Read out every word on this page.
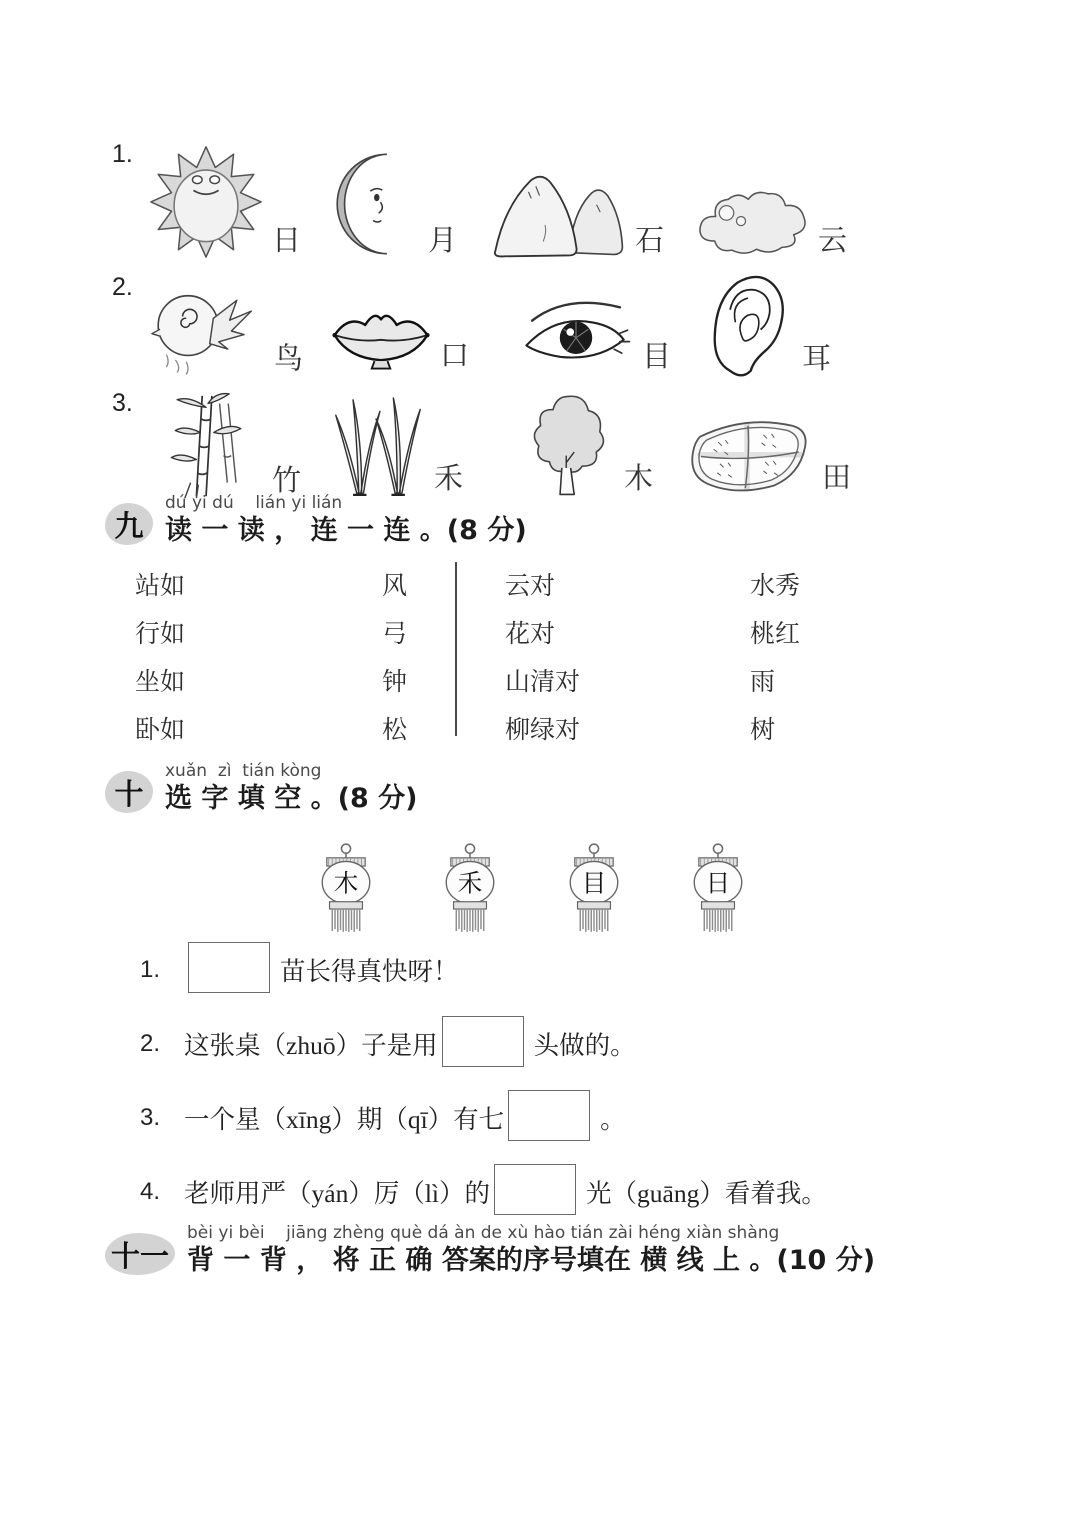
1.
2.
3.
日	月	石	云
鸟	口	目	耳
竹	禾	木	田
九
dú yi dú    lián yi lián
读 一 读 ， 连 一 连 。(8 分)
站如	风
行如	弓
坐如	钟
卧如	松
云对	水秀
花对	桃红
山清对	雨
柳绿对	树
十
xuǎn  zì  tián kòng
选 字 填 空 。(8 分)
木	禾	目	日
1.	苗长得真快呀！
2. 这张桌（zhuō）子是用	头做的。
3. 一个星（xīng）期（qī）有七	。
4. 老师用严（yán）厉（lì）的	光（guāng）看着我。
十一
bèi yi bèi    jiāng zhèng què dá àn de xù hào tián zài héng xiàn shàng
背 一 背 ， 将 正 确 答案的序号填在 横 线 上 。(10 分)
